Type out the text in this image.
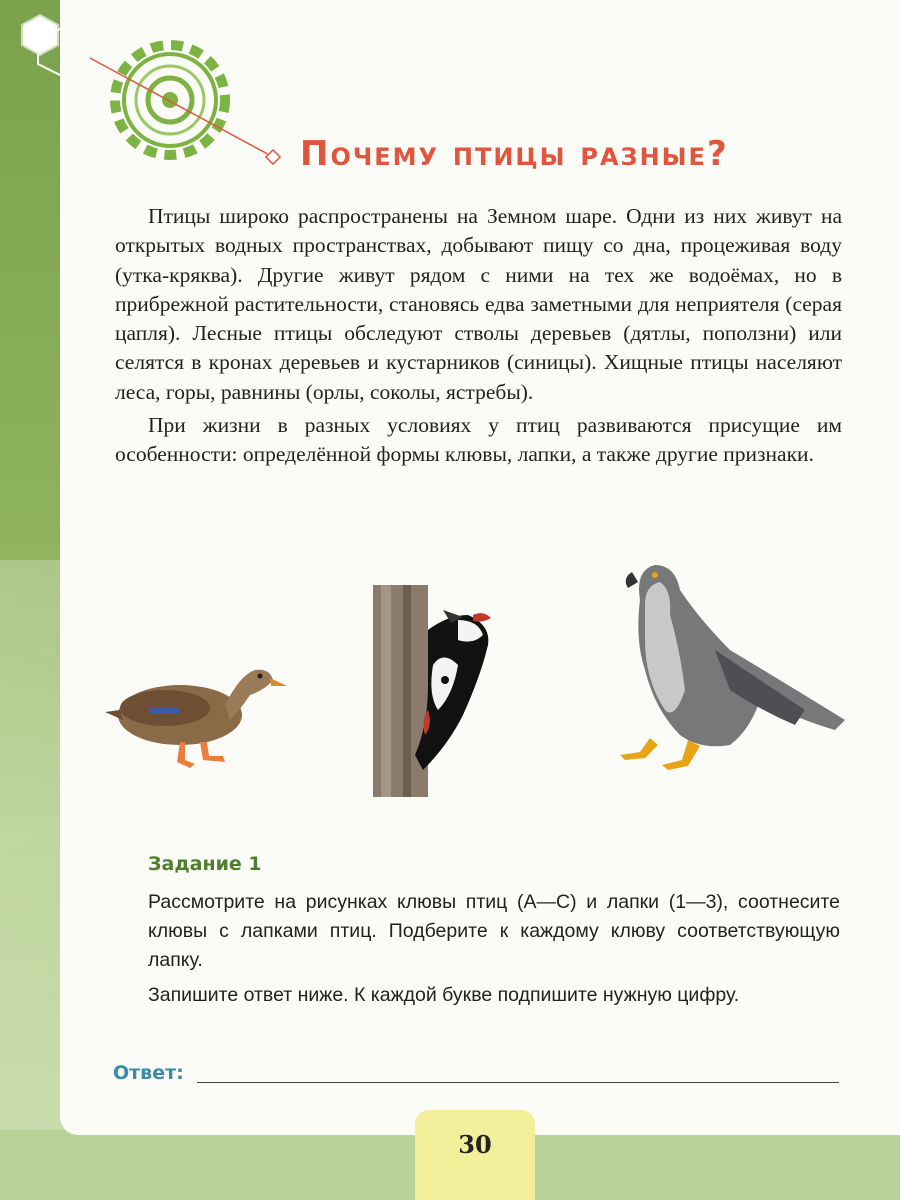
Почему птицы разные?

Птицы широко распространены на Земном шаре. Одни из них живут на открытых водных пространствах, добывают пищу со дна, процеживая воду (утка-кряква). Другие живут рядом с ними на тех же водоёмах, но в прибрежной растительности, становясь едва заметными для неприятеля (серая цапля). Лесные птицы обследуют стволы деревьев (дятлы, поползни) или селятся в кронах деревьев и кустарников (синицы). Хищные птицы населяют леса, горы, равнины (орлы, соколы, ястребы).

При жизни в разных условиях у птиц развиваются присущие им особенности: определённой формы клювы, лапки, а также другие признаки.

Задание 1

Рассмотрите на рисунках клювы птиц (А—С) и лапки (1—3), соотнесите клювы с лапками птиц. Подберите к каждому клюву соответствующую лапку.

Запишите ответ ниже. К каждой букве подпишите нужную цифру.

Ответ:
30
